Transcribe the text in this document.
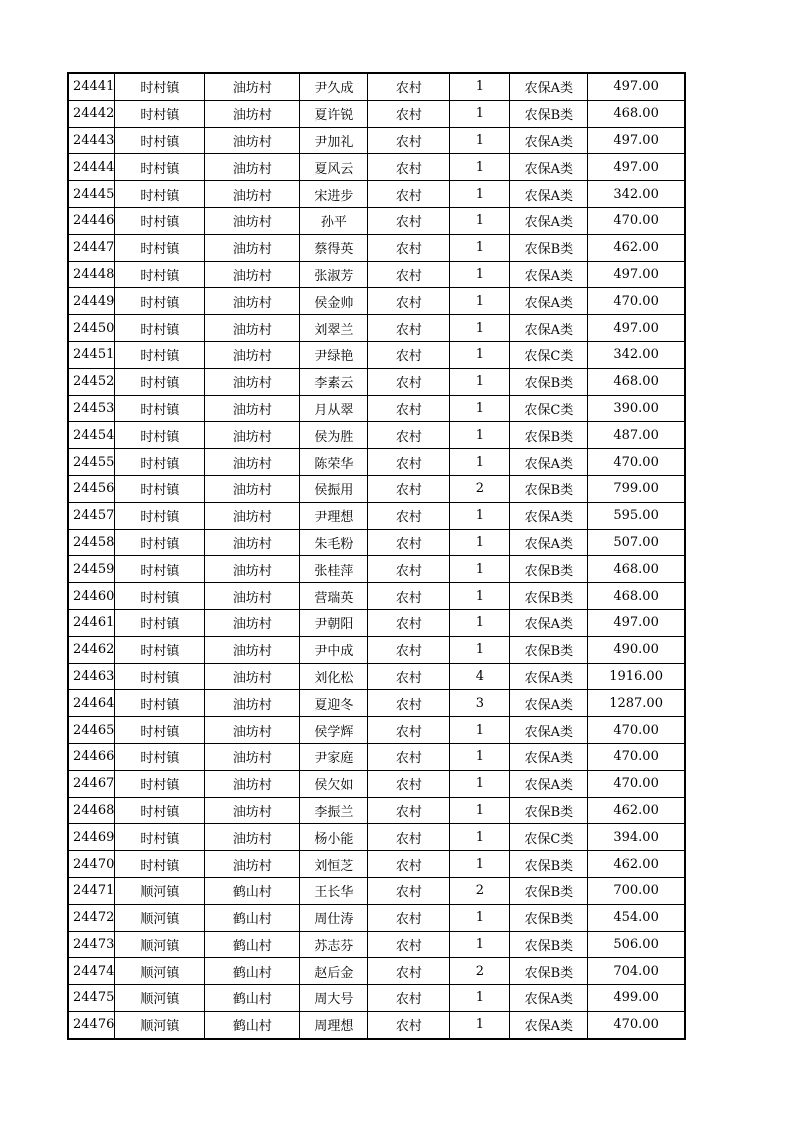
24441	时村镇	油坊村	尹久成	农村	1	农保A类	497.00
24442	时村镇	油坊村	夏许锐	农村	1	农保B类	468.00
24443	时村镇	油坊村	尹加礼	农村	1	农保A类	497.00
24444	时村镇	油坊村	夏风云	农村	1	农保A类	497.00
24445	时村镇	油坊村	宋进步	农村	1	农保A类	342.00
24446	时村镇	油坊村	孙平	农村	1	农保A类	470.00
24447	时村镇	油坊村	蔡得英	农村	1	农保B类	462.00
24448	时村镇	油坊村	张淑芳	农村	1	农保A类	497.00
24449	时村镇	油坊村	侯金帅	农村	1	农保A类	470.00
24450	时村镇	油坊村	刘翠兰	农村	1	农保A类	497.00
24451	时村镇	油坊村	尹绿艳	农村	1	农保C类	342.00
24452	时村镇	油坊村	李素云	农村	1	农保B类	468.00
24453	时村镇	油坊村	月从翠	农村	1	农保C类	390.00
24454	时村镇	油坊村	侯为胜	农村	1	农保B类	487.00
24455	时村镇	油坊村	陈荣华	农村	1	农保A类	470.00
24456	时村镇	油坊村	侯振用	农村	2	农保B类	799.00
24457	时村镇	油坊村	尹理想	农村	1	农保A类	595.00
24458	时村镇	油坊村	朱毛粉	农村	1	农保A类	507.00
24459	时村镇	油坊村	张桂萍	农村	1	农保B类	468.00
24460	时村镇	油坊村	营瑞英	农村	1	农保B类	468.00
24461	时村镇	油坊村	尹朝阳	农村	1	农保A类	497.00
24462	时村镇	油坊村	尹中成	农村	1	农保B类	490.00
24463	时村镇	油坊村	刘化松	农村	4	农保A类	1916.00
24464	时村镇	油坊村	夏迎冬	农村	3	农保A类	1287.00
24465	时村镇	油坊村	侯学辉	农村	1	农保A类	470.00
24466	时村镇	油坊村	尹家庭	农村	1	农保A类	470.00
24467	时村镇	油坊村	侯欠如	农村	1	农保A类	470.00
24468	时村镇	油坊村	李振兰	农村	1	农保B类	462.00
24469	时村镇	油坊村	杨小能	农村	1	农保C类	394.00
24470	时村镇	油坊村	刘恒芝	农村	1	农保B类	462.00
24471	顺河镇	鹤山村	王长华	农村	2	农保B类	700.00
24472	顺河镇	鹤山村	周仕涛	农村	1	农保B类	454.00
24473	顺河镇	鹤山村	苏志芬	农村	1	农保B类	506.00
24474	顺河镇	鹤山村	赵后金	农村	2	农保B类	704.00
24475	顺河镇	鹤山村	周大号	农村	1	农保A类	499.00
24476	顺河镇	鹤山村	周理想	农村	1	农保A类	470.00
